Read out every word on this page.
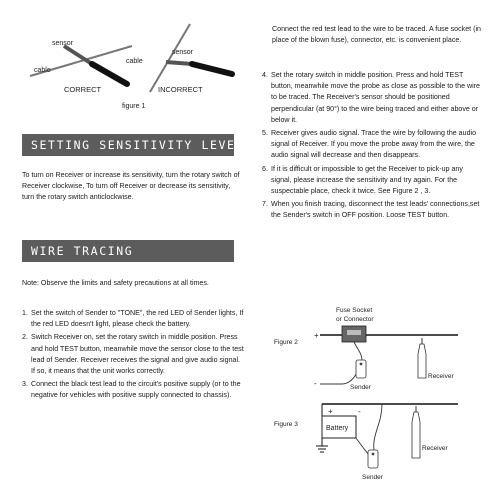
sensor
cable
CORRECT
sensor
cable
INCORRECT
figure 1
SETTING SENSITIVITY LEVEL
To turn on Receiver or increase its sensitivity, turn the rotary switch of Receiver clockwise, To turn off Receiver or decrease its sensitivity, turn the rotary switch anticlockwise.
WIRE TRACING
Note: Observe the limits and safety precautions at all times.
1. Set the switch of Sender to "TONE", the red LED of Sender lights, If the red LED doesn't light, please check the battery.
2. Switch Receiver on, set the rotary switch in middle position. Press and hold TEST button, meanwhile move the sensor close to the test lead of Sender. Receiver receives the signal and give audio signal. If so, it means that the unit works correctly.
3. Connect the black test lead to the circuit's positive supply (or to the negative for vehicles with positive supply connected to chassis).
Connect the red test lead to the wire to be traced. A fuse socket (in place of the blown fuse), connector, etc. is convenient place.
4. Set the rotary switch in middle position. Press and hold TEST button, meanwhile move the probe as close as possible to the wire to be traced. The Receiver's sensor should be positioned perpendicular (at 90°) to the wire being traced and either above or below it.
5. Receiver gives audio signal. Trace the wire by following the audio signal of Receiver. If you move the probe away from the wire, the audio signal will decrease and then disappears.
6. If it is difficult or impossible to get the Receiver to pick-up any signal, please increase the sensitivity and try again. For the suspectable place, check it twice. See Figure 2 , 3.
7. When you finish tracing, disconnect the test leads' connections,set the Sender's switch in OFF position. Loose TEST button.
Figure 2
Fuse Socket
or Connector
+
-	Sender
Receiver
Figure 3
+	-
Battery
Sender
Receiver
